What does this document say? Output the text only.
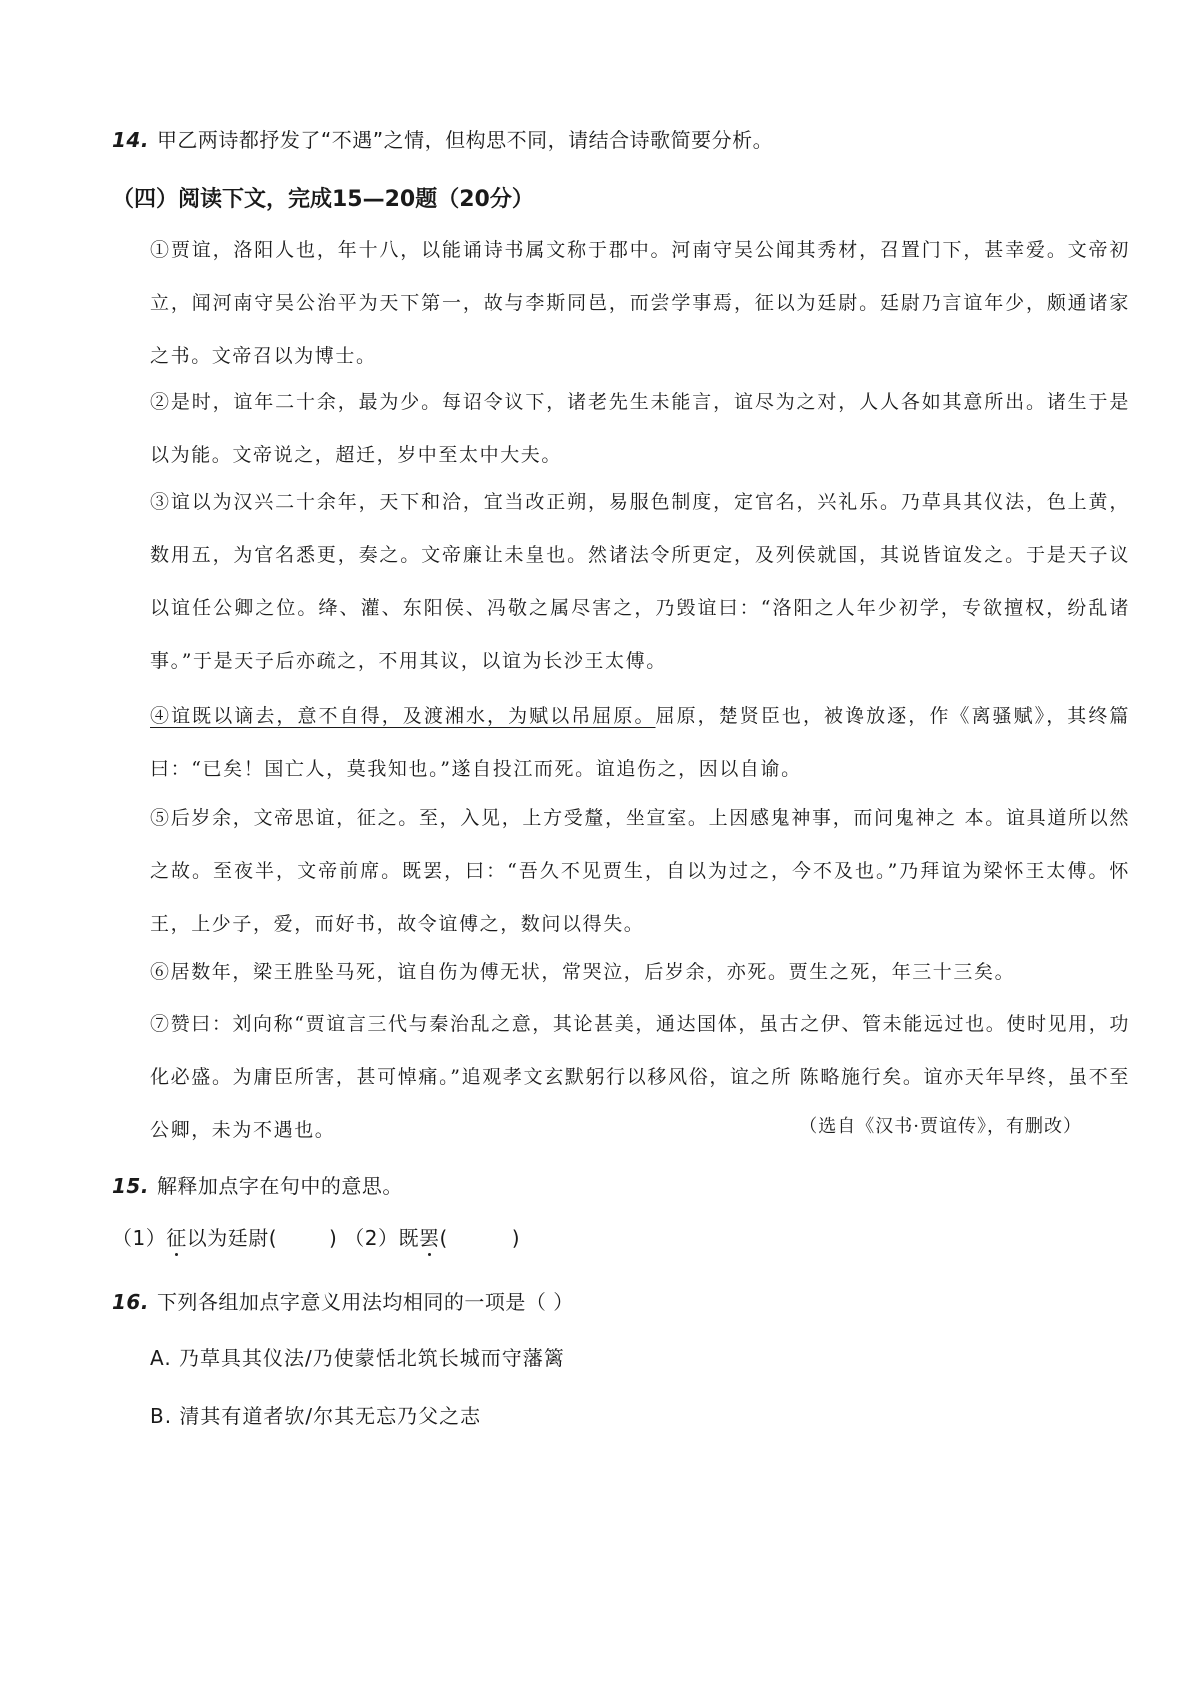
14. 甲乙两诗都抒发了“不遇”之情，但构思不同，请结合诗歌简要分析。
（四）阅读下文，完成15—20题（20分）
①贾谊，洛阳人也，年十八，以能诵诗书属文称于郡中。河南守吴公闻其秀材，召置门下，甚幸爱。文帝初立，闻河南守吴公治平为天下第一，故与李斯同邑，而尝学事焉，征以为廷尉。廷尉乃言谊年少，颇通诸家之书。文帝召以为博士。
②是时，谊年二十余，最为少。每诏令议下，诸老先生未能言，谊尽为之对，人人各如其意所出。诸生于是以为能。文帝说之，超迁，岁中至太中大夫。
③谊以为汉兴二十余年，天下和洽，宜当改正朔，易服色制度，定官名，兴礼乐。乃草具其仪法，色上黄，数用五，为官名悉更，奏之。文帝廉让未皇也。然诸法令所更定，及列侯就国，其说皆谊发之。于是天子议以谊任公卿之位。绛、灌、东阳侯、冯敬之属尽害之，乃毁谊曰：“洛阳之人年少初学，专欲擅权，纷乱诸事。”于是天子后亦疏之，不用其议，以谊为长沙王太傅。
④谊既以谪去，意不自得，及渡湘水，为赋以吊屈原。屈原，楚贤臣也，被谗放逐，作《离骚赋》，其终篇曰：“已矣！国亡人，莫我知也。”遂自投江而死。谊追伤之，因以自谕。
⑤后岁余，文帝思谊，征之。至，入见，上方受釐，坐宣室。上因感鬼神事，而问鬼神之 本。谊具道所以然之故。至夜半，文帝前席。既罢，曰：“吾久不见贾生，自以为过之，今不及也。”乃拜谊为梁怀王太傅。怀王，上少子，爱，而好书，故令谊傅之，数问以得失。
⑥居数年，梁王胜坠马死，谊自伤为傅无状，常哭泣，后岁余，亦死。贾生之死，年三十三矣。
⑦赞曰：刘向称“贾谊言三代与秦治乱之意，其论甚美，通达国体，虽古之伊、管未能远过也。使时见用，功化必盛。为庸臣所害，甚可悼痛。”追观孝文玄默躬行以移风俗，谊之所 陈略施行矣。谊亦天年早终，虽不至公卿，未为不遇也。	（选自《汉书·贾谊传》，有删改）
15. 解释加点字在句中的意思。
（1）征以为廷尉(	) （2）既罢(	)
16. 下列各组加点字意义用法均相同的一项是（ ）
A. 乃草具其仪法/乃使蒙恬北筑长城而守藩篱
B. 清其有道者欤/尔其无忘乃父之志
